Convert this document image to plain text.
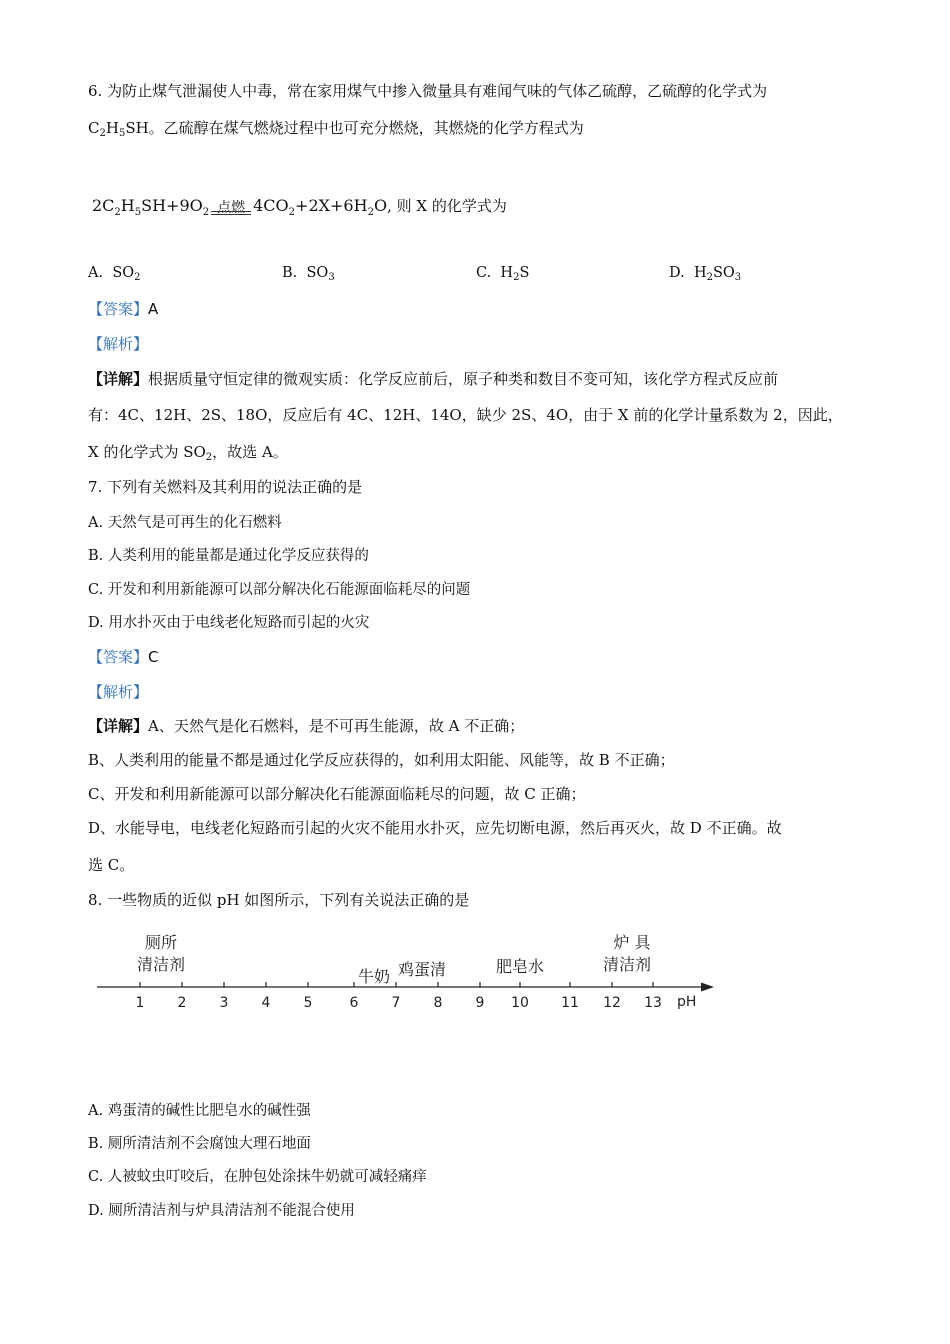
6. 为防止煤气泄漏使人中毒，常在家用煤气中掺入微量具有难闻气味的气体乙硫醇，乙硫醇的化学式为
$C_2H_5SH$。乙硫醇在煤气燃烧过程中也可充分燃烧，其燃烧的化学方程式为
$2C_2H_5SH+9O_2$ 点燃 $4CO_2+2X+6H_2O$, 则 X 的化学式为
A. $SO_2$	B. $SO_3$	C. $H_2S$	D. $H_2SO_3$
【答案】A
【解析】
【详解】根据质量守恒定律的微观实质：化学反应前后，原子种类和数目不变可知，该化学方程式反应前
有：4C、12H、2S、18O，反应后有 4C、12H、14O，缺少 2S、4O，由于 X 前的化学计量系数为 2，因此，
X 的化学式为 $SO_2$，故选 A。
7. 下列有关燃料及其利用的说法正确的是
A. 天然气是可再生的化石燃料
B. 人类利用的能量都是通过化学反应获得的
C. 开发和利用新能源可以部分解决化石能源面临耗尽的问题
D. 用水扑灭由于电线老化短路而引起的火灾
【答案】C
【解析】
【详解】A、天然气是化石燃料，是不可再生能源，故 A 不正确；
B、人类利用的能量不都是通过化学反应获得的，如利用太阳能、风能等，故 B 不正确；
C、开发和利用新能源可以部分解决化石能源面临耗尽的问题，故 C 正确；
D、水能导电，电线老化短路而引起的火灾不能用水扑灭，应先切断电源，然后再灭火，故 D 不正确。故
选 C。
8. 一些物质的近似 pH 如图所示，下列有关说法正确的是
1 2 3 4 5	6 7 8 9 10 11 12 13 pH
厕所
清洁剂
牛奶 鸡蛋清	肥皂水
炉 具
清洁剂
A. 鸡蛋清的碱性比肥皂水的碱性强
B. 厕所清洁剂不会腐蚀大理石地面
C. 人被蚊虫叮咬后，在肿包处涂抹牛奶就可减轻痛痒
D. 厕所清洁剂与炉具清洁剂不能混合使用
